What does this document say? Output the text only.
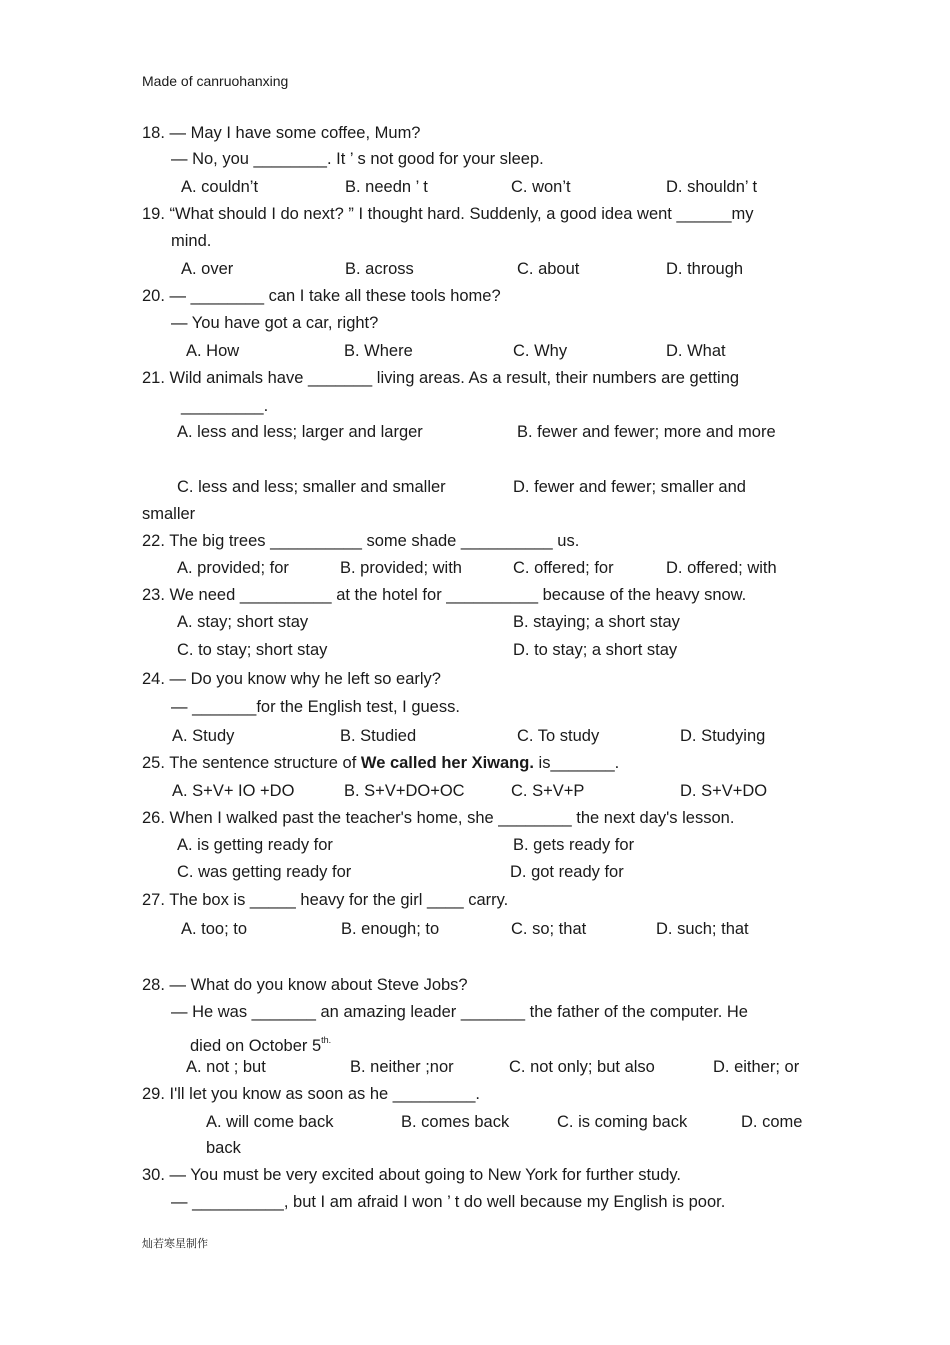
Made of canruohanxing
18. — May I have some coffee, Mum?
— No, you ________. It ’ s not good for your sleep.
A. couldn’t	B. needn ’ t	C. won’t	D. shouldn’ t
19. “What should I do next? ” I thought hard. Suddenly, a good idea went ______my
mind.
A. over	B. across	C. about	D. through
20. — ________ can I take all these tools home?
— You have got a car, right?
A. How	B. Where	C. Why	D. What
21. Wild animals have _______ living areas. As a result, their numbers are getting
_________.
A. less and less; larger and larger	B. fewer and fewer; more and more
C. less and less; smaller and smaller	D. fewer and fewer; smaller and
smaller
22. The big trees __________ some shade __________ us.
A. provided; for	B. provided; with	C. offered; for	D. offered; with
23. We need __________ at the hotel for __________ because of the heavy snow.
A. stay; short stay	B. staying; a short stay
C. to stay; short stay	D. to stay; a short stay
24. — Do you know why he left so early?
— _______for the English test, I guess.
A. Study	B. Studied	C. To study	D. Studying
25. The sentence structure of We called her Xiwang. is_______.
A. S+V+ IO +DO	B. S+V+DO+OC	C. S+V+P	D. S+V+DO
26. When I walked past the teacher's home, she ________ the next day's lesson.
A. is getting ready for	B. gets ready for
C. was getting ready for	D. got ready for
27. The box is _____ heavy for the girl ____ carry.
A. too; to	B. enough; to	C. so; that	D. such; that
28. — What do you know about Steve Jobs?
— He was _______ an amazing leader _______ the father of the computer. He
died on October $5^{th.}$
A. not ; but	B. neither ;nor	C. not only; but also	D. either; or
29. I'll let you know as soon as he _________.
A. will come back	B. comes back	C. is coming back	D. come
back
30. — You must be very excited about going to New York for further study.
— __________, but I am afraid I won ’ t do well because my English is poor.
灿若寒星制作
